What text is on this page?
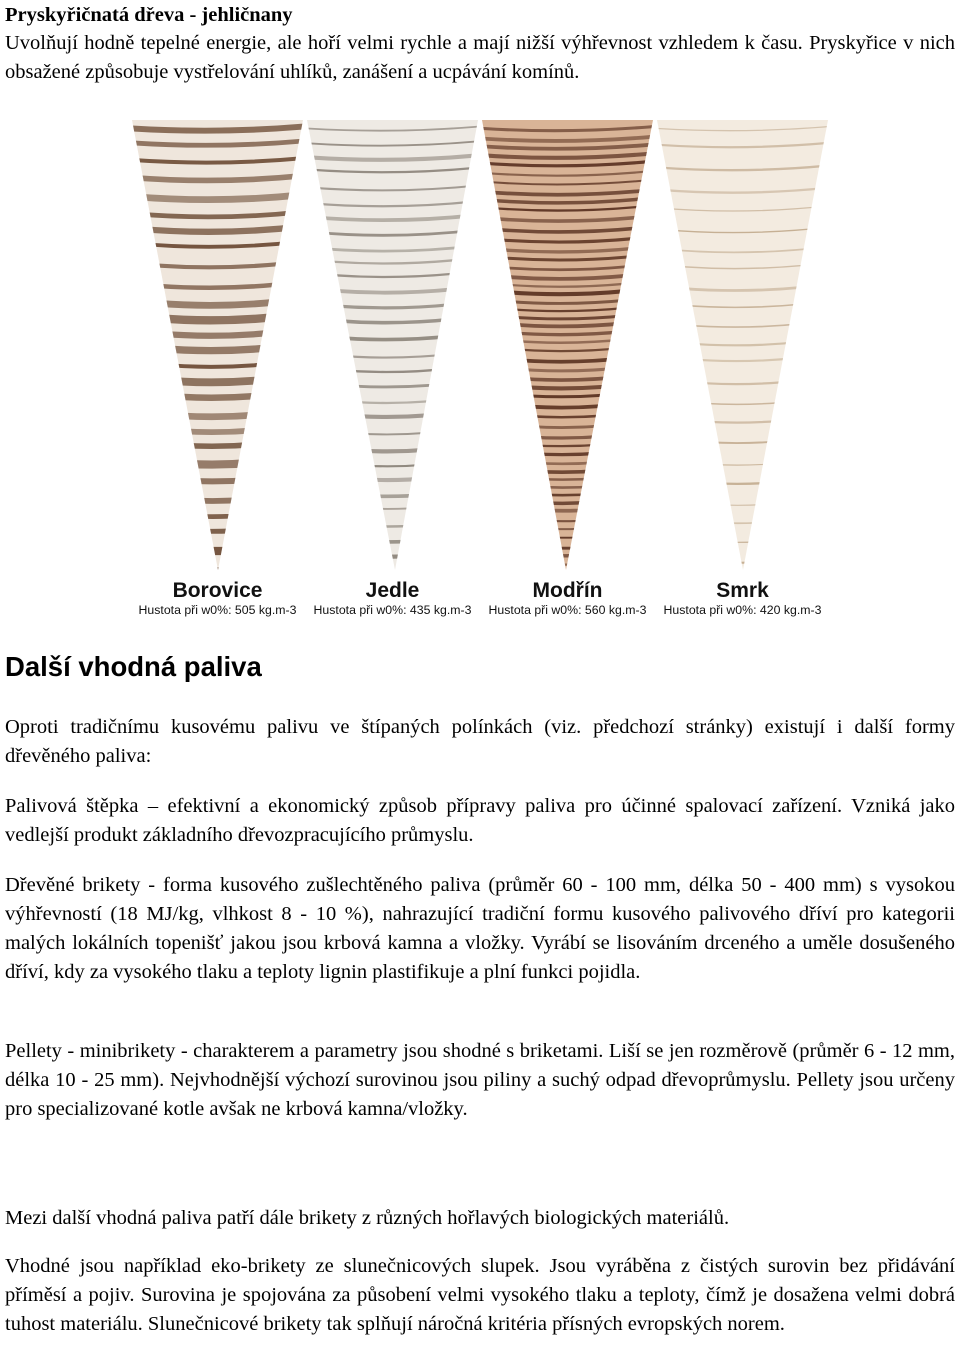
Pryskyřičnatá dřeva - jehličnany

Uvolňují hodně tepelné energie, ale hoří velmi rychle a mají nižší výhřevnost vzhledem k času. Pryskyřice v nich obsažené způsobuje vystřelování uhlíků, zanášení a ucpávání komínů.

Borovice
Hustota při w0%: 505 kg.m-3
Jedle
Hustota při w0%: 435 kg.m-3
Modřín
Hustota při w0%: 560 kg.m-3
Smrk
Hustota při w0%: 420 kg.m-3
Další vhodná paliva

Oproti tradičnímu kusovému palivu ve štípaných polínkách (viz. předchozí stránky) existují i další formy dřevěného paliva:

Palivová štěpka – efektivní a ekonomický způsob přípravy paliva pro účinné spalovací zařízení. Vzniká jako vedlejší produkt základního dřevozpracujícího průmyslu.

Dřevěné brikety - forma kusového zušlechtěného paliva (průměr 60 - 100 mm, délka 50 - 400 mm) s vysokou výhřevností (18 MJ/kg, vlhkost 8 - 10 %), nahrazující tradiční formu kusového palivového dříví pro kategorii malých lokálních topenišť jakou jsou krbová kamna a vložky. Vyrábí se lisováním drceného a uměle dosušeného dříví, kdy za vysokého tlaku a teploty lignin plastifikuje a plní funkci pojidla.

Pellety - minibrikety - charakterem a parametry jsou shodné s briketami. Liší se jen rozměrově (průměr 6 - 12 mm, délka 10 - 25 mm). Nejvhodnější výchozí surovinou jsou piliny a suchý odpad dřevoprůmyslu. Pellety jsou určeny pro specializované kotle avšak ne krbová kamna/vložky.

Mezi další vhodná paliva patří dále brikety z různých hořlavých biologických materiálů.

Vhodné jsou například eko-brikety ze slunečnicových slupek. Jsou vyráběna z čistých surovin bez přidávání příměsí a pojiv. Surovina je spojována za působení velmi vysokého tlaku a teploty, čímž je dosažena velmi dobrá tuhost materiálu. Slunečnicové brikety tak splňují náročná kritéria přísných evropských norem.
